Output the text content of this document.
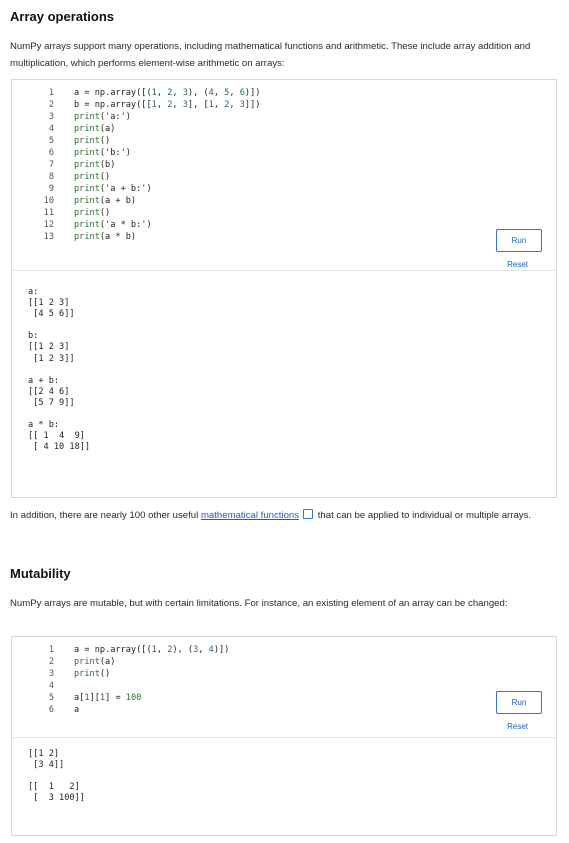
Array operations
NumPy arrays support many operations, including mathematical functions and arithmetic. These include array addition and multiplication, which performs element-wise arithmetic on arrays:
1 a = np.array([(1, 2, 3), (4, 5, 6)])
2 b = np.array([[1, 2, 3], [1, 2, 3]])
3 print('a:')
4 print(a)
5 print()
6 print('b:')
7 print(b)
8 print()
9 print('a + b:')
10 print(a + b)
11 print()
12 print('a * b:')
13 print(a * b)	Run
Reset
a:
[[1 2 3]
[4 5 6]]
b:
[[1 2 3]
[1 2 3]]
a + b:
[[2 4 6]
[5 7 9]]
a * b:
[[ 1  4  9]
[ 4 10 18]]
In addition, there are nearly 100 other useful mathematical functions that can be applied to individual or multiple arrays.
Mutability
NumPy arrays are mutable, but with certain limitations. For instance, an existing element of an array can be changed:
1 a = np.array([(1, 2), (3, 4)])
2 print(a)
3 print()
4
5 a[1][1] = 100
6 a
Run
Reset
[[1 2]
[3 4]]
[[  1   2]
[  3 100]]
